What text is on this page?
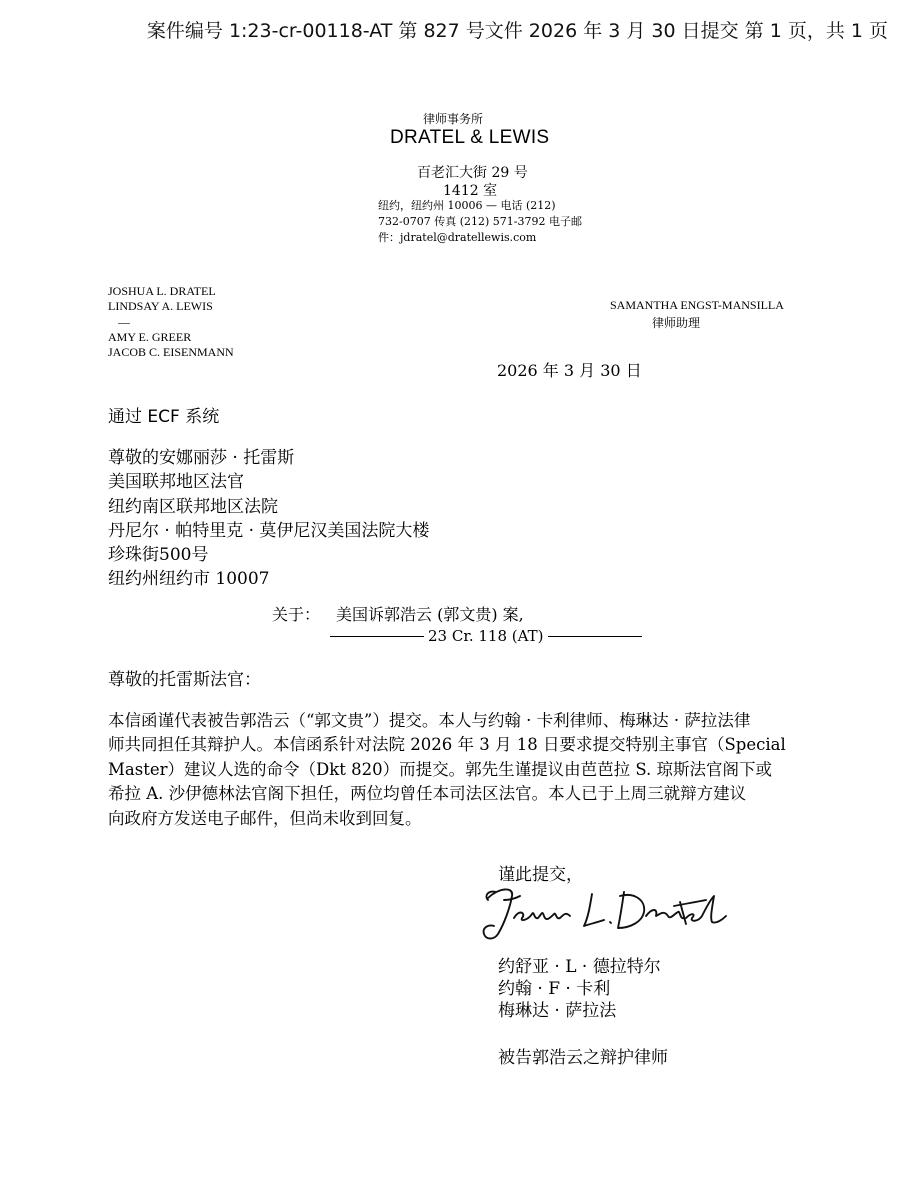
案件编号 1:23-cr-00118-AT 第 827 号文件 2026 年 3 月 30 日提交 第 1 页，共 1 页
律师事务所
DRATEL & LEWIS
百老汇大街 29 号
1412 室
纽约，纽约州 10006 — 电话 (212)
732-0707 传真 (212) 571-3792 电子邮
件：jdratel@dratellewis.com
JOSHUA L. DRATEL
LINDSAY A. LEWIS
—
AMY E. GREER
JACOB C. EISENMANN
SAMANTHA ENGST-MANSILLA
律师助理
2026 年 3 月 30 日
通过 ECF 系统
尊敬的安娜丽莎 · 托雷斯
美国联邦地区法官
纽约南区联邦地区法院
丹尼尔 · 帕特里克 · 莫伊尼汉美国法院大楼
珍珠街500号
纽约州纽约市 10007
关于： 美国诉郭浩云 (郭文贵) 案,
23 Cr. 118 (AT)
尊敬的托雷斯法官：
本信函谨代表被告郭浩云（“郭文贵”）提交。本人与约翰 · 卡利律师、梅琳达 · 萨拉法律
师共同担任其辩护人。本信函系针对法院 2026 年 3 月 18 日要求提交特别主事官（Special
Master）建议人选的命令（Dkt 820）而提交。郭先生谨提议由芭芭拉 S. 琼斯法官阁下或
希拉 A. 沙伊德林法官阁下担任，两位均曾任本司法区法官。本人已于上周三就辩方建议
向政府方发送电子邮件，但尚未收到回复。
谨此提交，
约舒亚 · L · 德拉特尔
约翰 · F · 卡利
梅琳达 · 萨拉法
被告郭浩云之辩护律师
